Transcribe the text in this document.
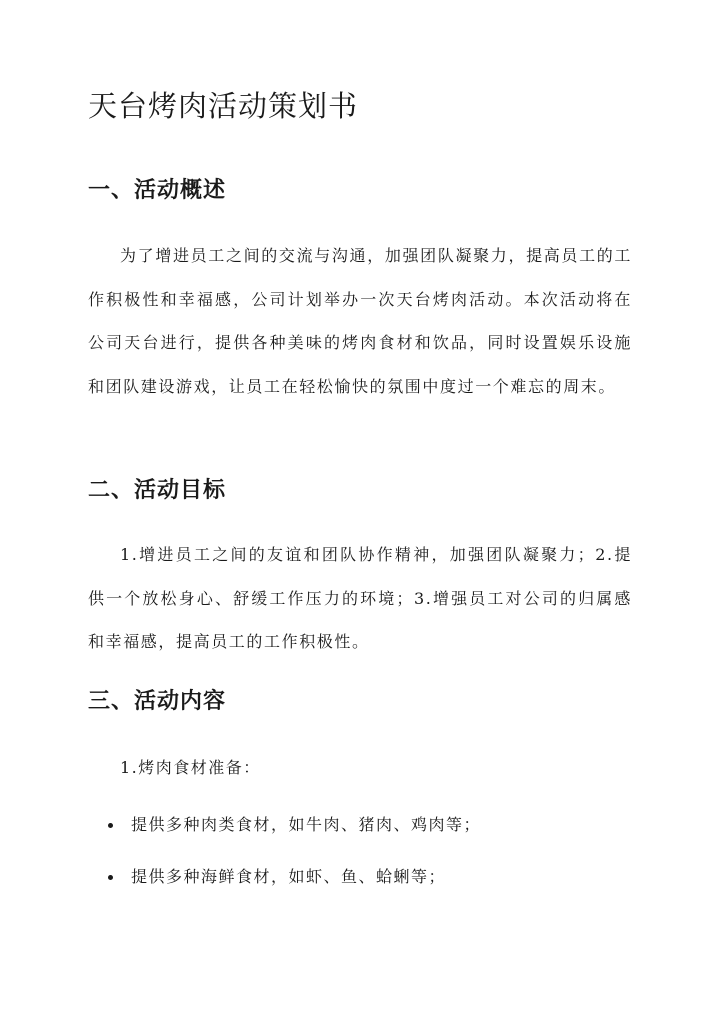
天台烤肉活动策划书
一、活动概述

为了增进员工之间的交流与沟通，加强团队凝聚力，提高员工的工作积极性和幸福感，公司计划举办一次天台烤肉活动。本次活动将在公司天台进行，提供各种美味的烤肉食材和饮品，同时设置娱乐设施和团队建设游戏，让员工在轻松愉快的氛围中度过一个难忘的周末。

二、活动目标

1.增进员工之间的友谊和团队协作精神，加强团队凝聚力；2.提供一个放松身心、舒缓工作压力的环境；3.增强员工对公司的归属感和幸福感，提高员工的工作积极性。

三、活动内容

1.烤肉食材准备：

提供多种肉类食材，如牛肉、猪肉、鸡肉等；
提供多种海鲜食材，如虾、鱼、蛤蜊等；
